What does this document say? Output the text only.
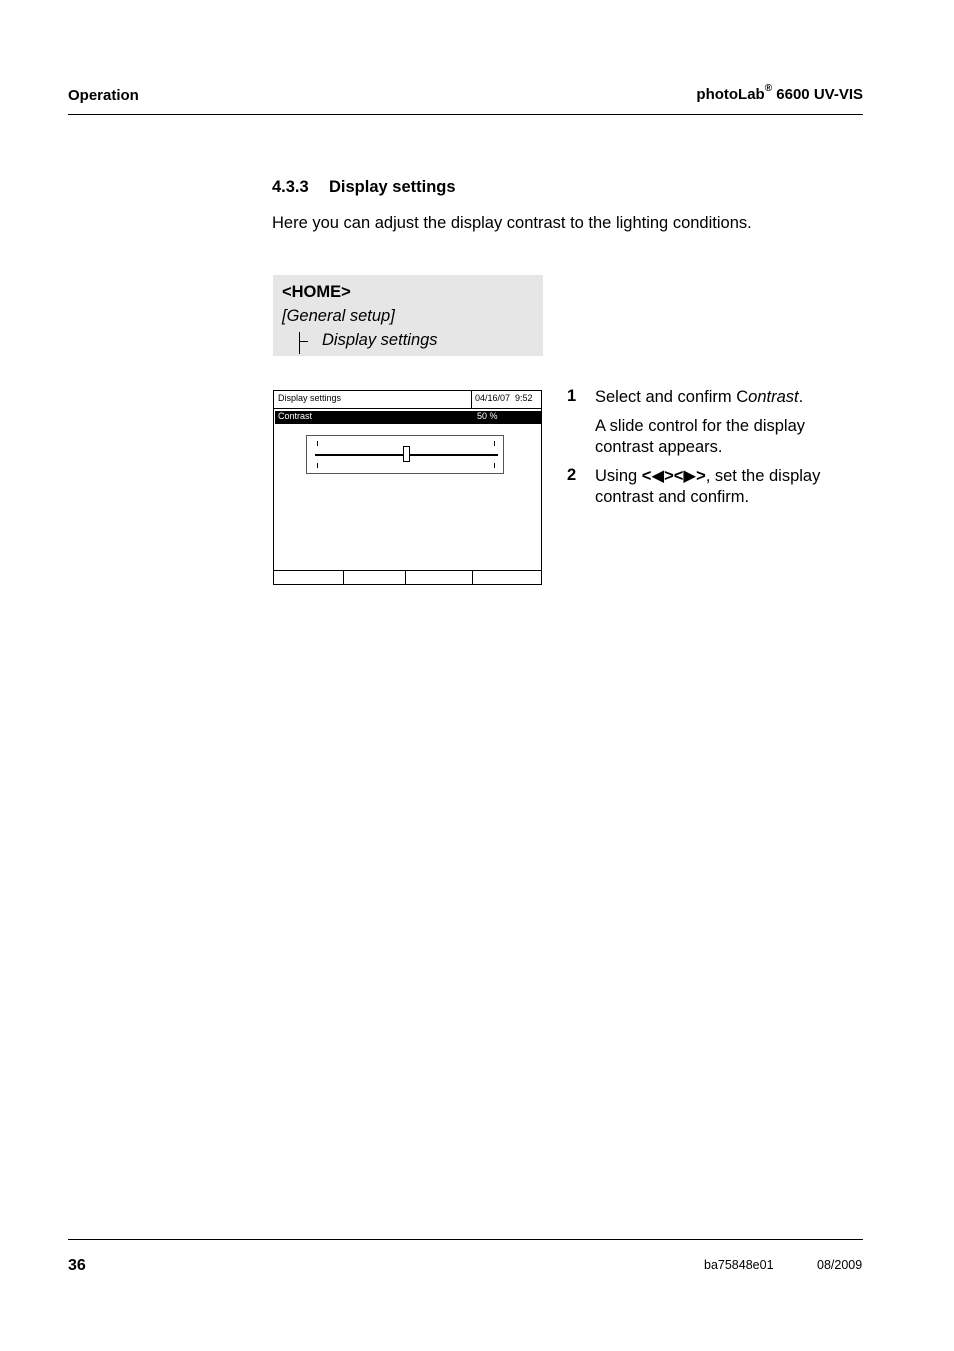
Operation	photoLab® 6600 UV-VIS
4.3.3 Display settings
Here you can adjust the display contrast to the lighting conditions.
<HOME>
[General setup]
Display settings
Display settings	04/16/07  9:52
Contrast	50 %
1 Select and confirm Contrast.
A slide control for the display contrast appears.
2 Using <◀><▶>, set the display contrast and confirm.
36	ba75848e01	08/2009
